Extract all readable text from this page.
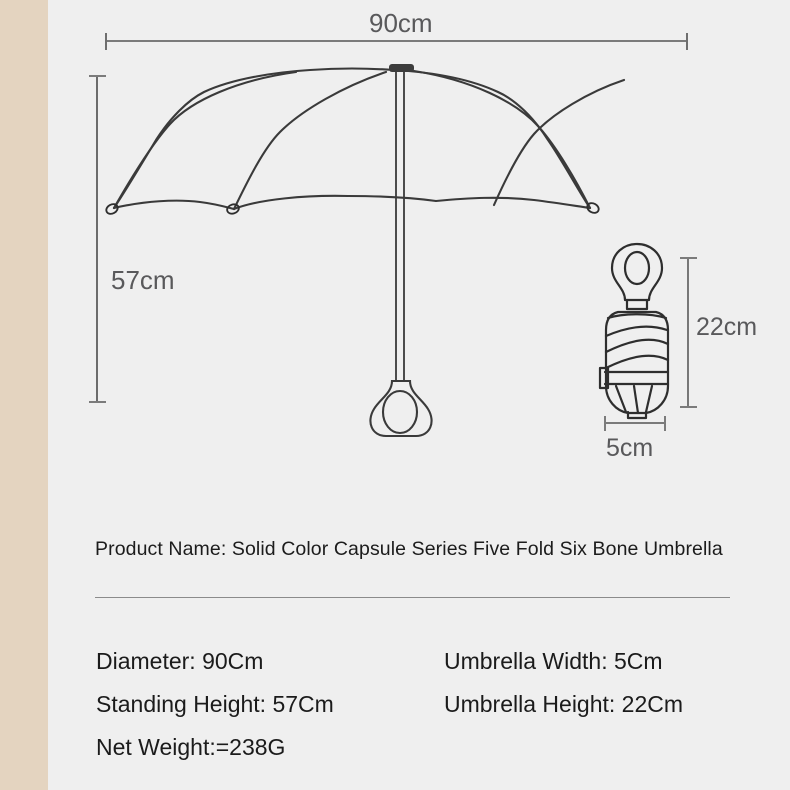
90cm
57cm
22cm
5cm
Product Name: Solid Color Capsule Series Five Fold Six Bone Umbrella
Diameter: 90Cm
Standing Height: 57Cm
Net Weight:=238G
Umbrella Width: 5Cm
Umbrella Height: 22Cm
